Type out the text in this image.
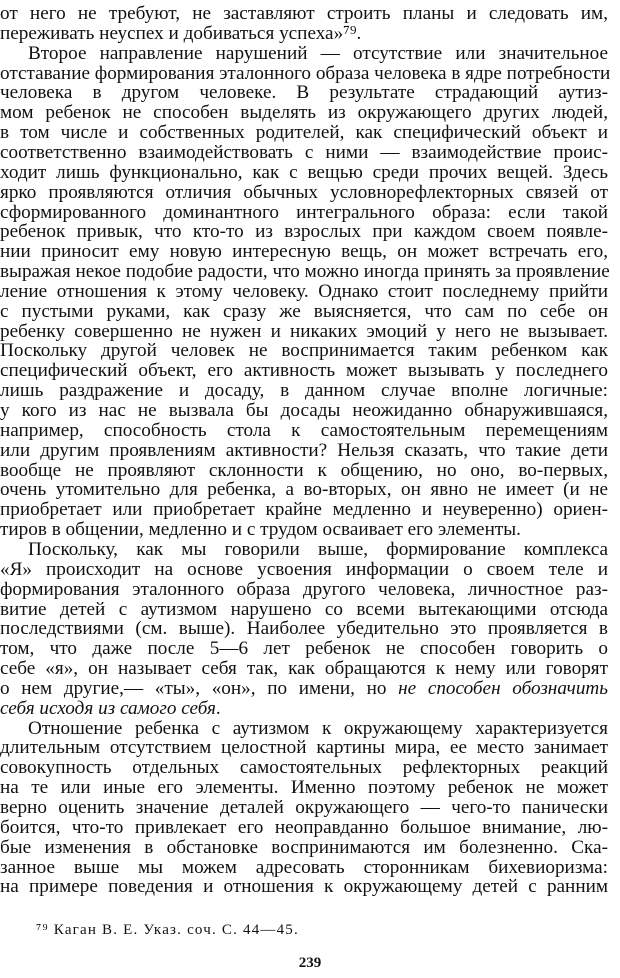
от него не требуют, не заставляют строить планы и следовать им,
переживать неуспех и добиваться успеха»⁷⁹.
Второе направление нарушений — отсутствие или значительное
отставание формирования эталонного образа человека в ядре потребности
человека в другом человеке. В результате страдающий аутиз-
мом ребенок не способен выделять из окружающего других людей,
в том числе и собственных родителей, как специфический объект и
соответственно взаимодействовать с ними — взаимодействие проис-
ходит лишь функционально, как с вещью среди прочих вещей. Здесь
ярко проявляются отличия обычных условнорефлекторных связей от
сформированного доминантного интегрального образа: если такой
ребенок привык, что кто-то из взрослых при каждом своем появле-
нии приносит ему новую интересную вещь, он может встречать его,
выражая некое подобие радости, что можно иногда принять за проявление
ление отношения к этому человеку. Однако стоит последнему прийти
с пустыми руками, как сразу же выясняется, что сам по себе он
ребенку совершенно не нужен и никаких эмоций у него не вызывает.
Поскольку другой человек не воспринимается таким ребенком как
специфический объект, его активность может вызывать у последнего
лишь раздражение и досаду, в данном случае вполне логичные:
у кого из нас не вызвала бы досады неожиданно обнаружившаяся,
например, способность стола к самостоятельным перемещениям
или другим проявлениям активности? Нельзя сказать, что такие дети
вообще не проявляют склонности к общению, но оно, во-первых,
очень утомительно для ребенка, а во-вторых, он явно не имеет (и не
приобретает или приобретает крайне медленно и неуверенно) ориен-
тиров в общении, медленно и с трудом осваивает его элементы.
Поскольку, как мы говорили выше, формирование комплекса
«Я» происходит на основе усвоения информации о своем теле и
формирования эталонного образа другого человека, личностное раз-
витие детей с аутизмом нарушено со всеми вытекающими отсюда
последствиями (см. выше). Наиболее убедительно это проявляется в
том, что даже после 5—6 лет ребенок не способен говорить о
себе «я», он называет себя так, как обращаются к нему или говорят
о нем другие,— «ты», «он», по имени, но не способен обозначить
себя исходя из самого себя.
Отношение ребенка с аутизмом к окружающему характеризуется
длительным отсутствием целостной картины мира, ее место занимает
совокупность отдельных самостоятельных рефлекторных реакций
на те или иные его элементы. Именно поэтому ребенок не может
верно оценить значение деталей окружающего — чего-то панически
боится, что-то привлекает его неоправданно большое внимание, лю-
бые изменения в обстановке воспринимаются им болезненно. Ска-
занное выше мы можем адресовать сторонникам бихевиоризма:
на примере поведения и отношения к окружающему детей с ранним
⁷⁹ Каган В. Е. Указ. соч. С. 44—45.
239
